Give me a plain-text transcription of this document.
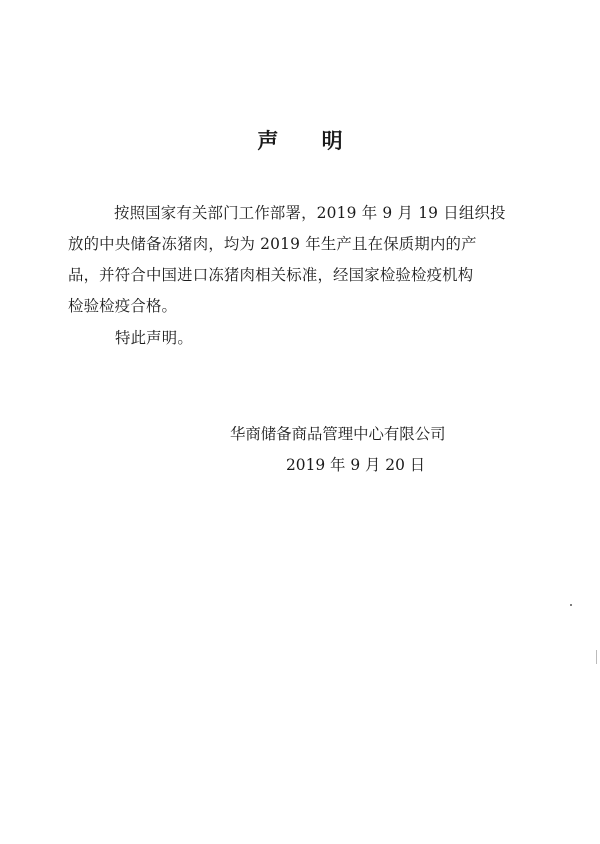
声 明
按照国家有关部门工作部署，2019 年 9 月 19 日组织投
放的中央储备冻猪肉，均为 2019 年生产且在保质期内的产
品，并符合中国进口冻猪肉相关标准，经国家检验检疫机构
检验检疫合格。
特此声明。
华商储备商品管理中心有限公司
2019 年 9 月 20 日
